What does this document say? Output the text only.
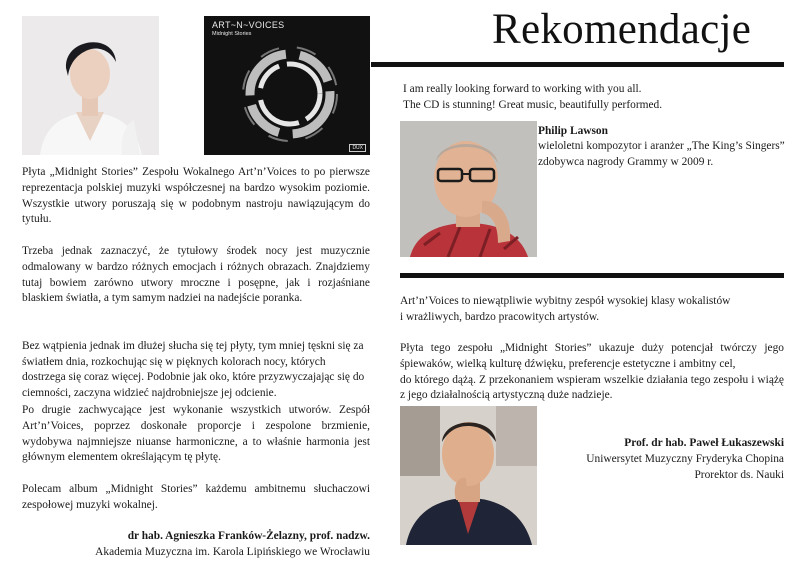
Rekomendacje
ART~N~VOICES
Midnight Stories
DUX

Płyta „Midnight Stories” Zespołu Wokalnego Art’n’Voices to po pierwsze reprezentacja polskiej muzyki współczesnej na bardzo wysokim poziomie. Wszystkie utwory poruszają się w podobnym nastroju nawiązującym do tytułu.

Trzeba jednak zaznaczyć, że tytułowy środek nocy jest muzycznie odmalowany w bardzo różnych emocjach i różnych obrazach. Znajdziemy tutaj bowiem zarówno utwory mroczne i posępne, jak i rozjaśniane blaskiem światła, a tym samym nadziei na nadejście poranka.

Bez wątpienia jednak im dłużej słucha się tej płyty, tym mniej tęskni się za światłem dnia, rozkochując się w pięknych kolorach nocy, których dostrzega się coraz więcej. Podobnie jak oko, które przyzwyczajając się do ciemności, zaczyna widzieć najdrobniejsze jej odcienie.

Po drugie zachwycające jest wykonanie wszystkich utworów. Zespół Art’n’Voices, poprzez doskonałe proporcje i zespolone brzmienie, wydobywa najmniejsze niuanse harmoniczne, a to właśnie harmonia jest głównym elementem określającym tę płytę.

Polecam album „Midnight Stories” każdemu ambitnemu słuchaczowi zespołowej muzyki wokalnej.

dr hab. Agnieszka Franków-Żelazny, prof. nadzw.
Akademia Muzyczna im. Karola Lipińskiego we Wrocławiu
I am really looking forward to working with you all.
The CD is stunning! Great music, beautifully performed.
Philip Lawson
wieloletni kompozytor i aranżer „The King’s Singers”
zdobywca nagrody Grammy w 2009 r.
Art’n’Voices to niewątpliwie wybitny zespół wysokiej klasy wokalistów
i wrażliwych, bardzo pracowitych artystów.

Płyta tego zespołu „Midnight Stories” ukazuje duży potencjał twórczy jego śpiewaków, wielką kulturę dźwięku, preferencje estetyczne i ambitny cel,
do którego dążą. Z przekonaniem wspieram wszelkie działania tego zespołu i wiążę z jego działalnością artystyczną duże nadzieje.

Prof. dr hab. Paweł Łukaszewski
Uniwersytet Muzyczny Fryderyka Chopina
Prorektor ds. Nauki
